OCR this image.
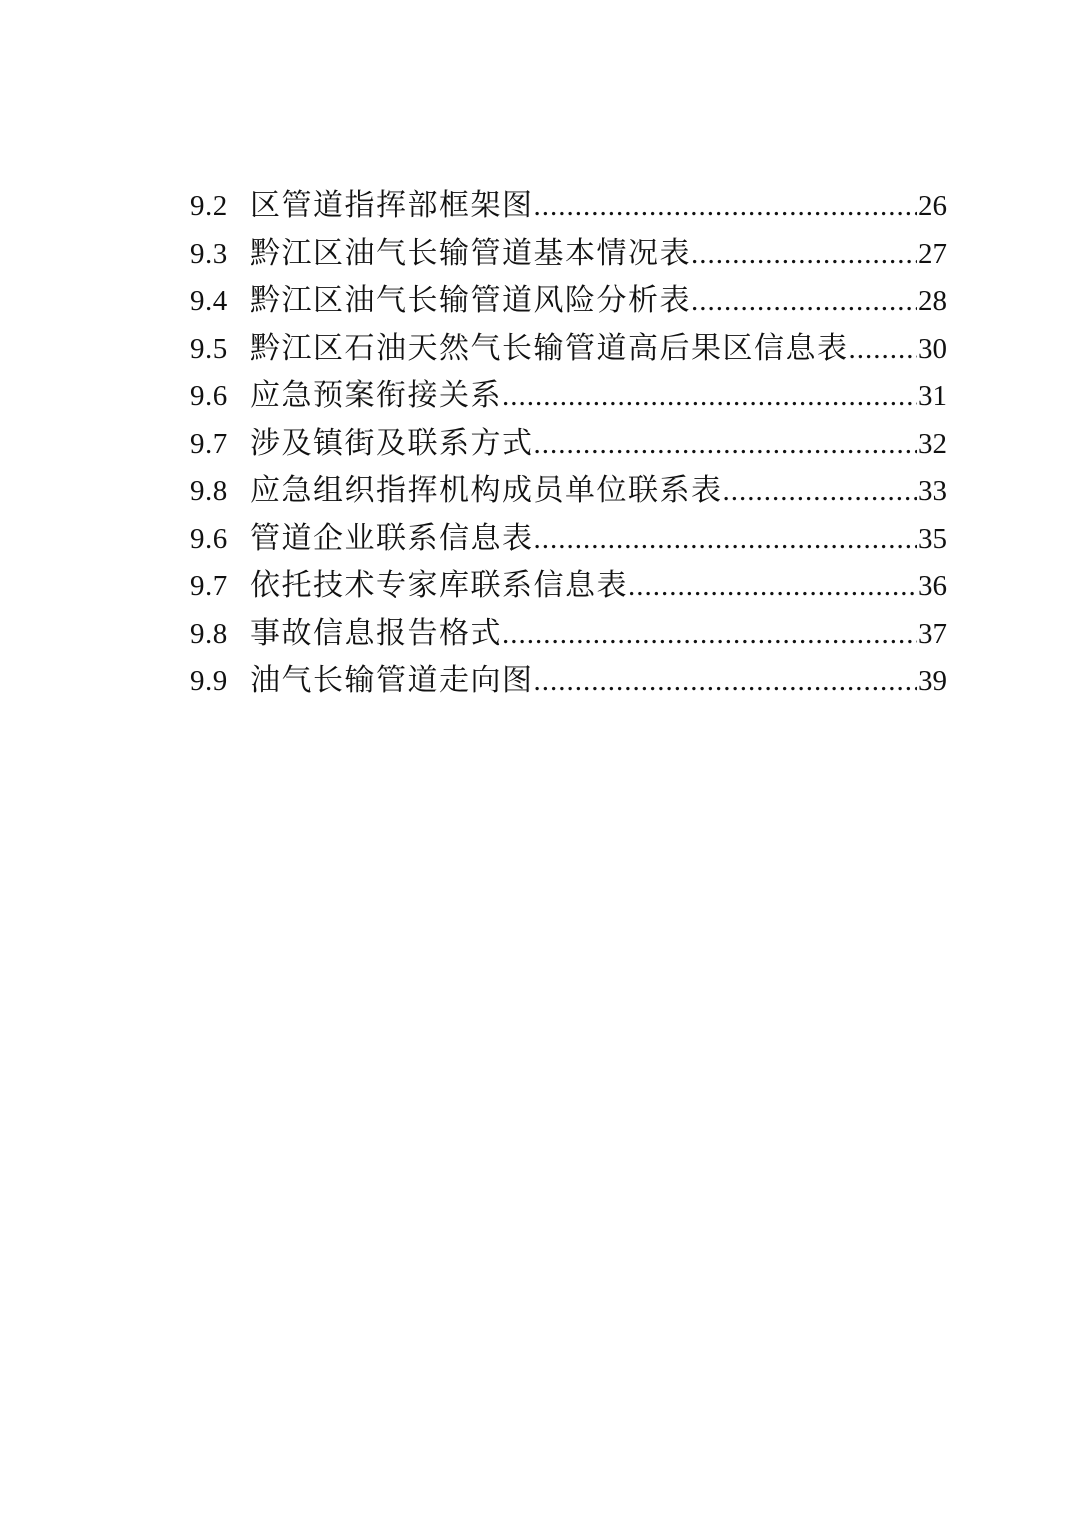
9.2 区管道指挥部框架图 .....	26
9.3 黔江区油气长输管道基本情况表 .....	27
9.4 黔江区油气长输管道风险分析表 .....	28
9.5 黔江区石油天然气长输管道高后果区信息表 ..... 30
9.6 应急预案衔接关系 .....	31
9.7 涉及镇街及联系方式 .....	32
9.8 应急组织指挥机构成员单位联系表 .....	33
9.6 管道企业联系信息表 .....	35
9.7 依托技术专家库联系信息表 .....	36
9.8 事故信息报告格式 .....	37
9.9 油气长输管道走向图 .....	39
